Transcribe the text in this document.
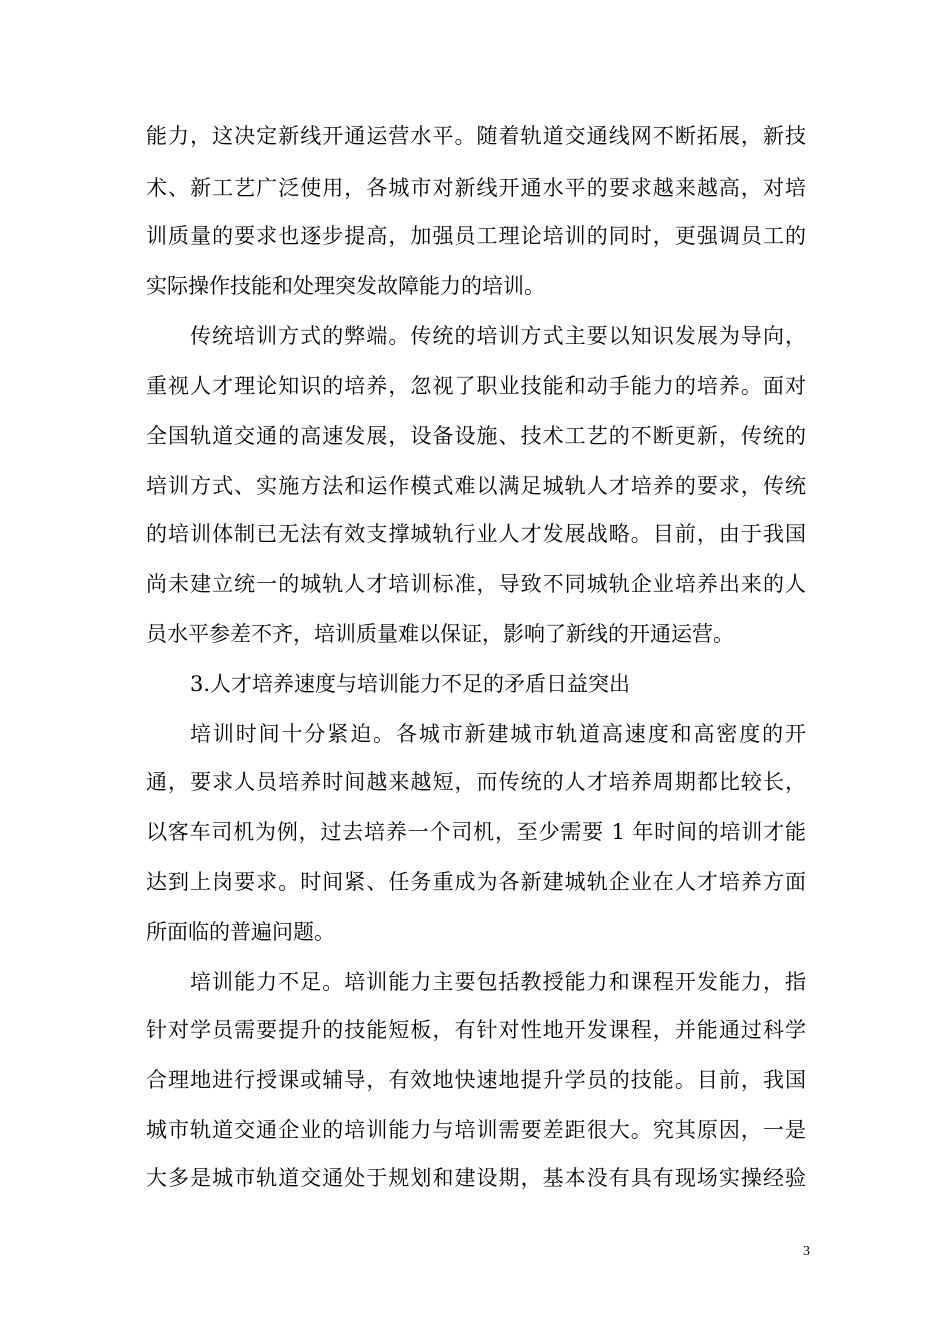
能力，这决定新线开通运营水平。随着轨道交通线网不断拓展，新技
术、新工艺广泛使用，各城市对新线开通水平的要求越来越高，对培
训质量的要求也逐步提高，加强员工理论培训的同时，更强调员工的
实际操作技能和处理突发故障能力的培训。
传统培训方式的弊端。传统的培训方式主要以知识发展为导向，
重视人才理论知识的培养，忽视了职业技能和动手能力的培养。面对
全国轨道交通的高速发展，设备设施、技术工艺的不断更新，传统的
培训方式、实施方法和运作模式难以满足城轨人才培养的要求，传统
的培训体制已无法有效支撑城轨行业人才发展战略。目前，由于我国
尚未建立统一的城轨人才培训标准，导致不同城轨企业培养出来的人
员水平参差不齐，培训质量难以保证，影响了新线的开通运营。
3.人才培养速度与培训能力不足的矛盾日益突出
培训时间十分紧迫。各城市新建城市轨道高速度和高密度的开
通，要求人员培养时间越来越短，而传统的人才培养周期都比较长，
以客车司机为例，过去培养一个司机，至少需要 1 年时间的培训才能
达到上岗要求。时间紧、任务重成为各新建城轨企业在人才培养方面
所面临的普遍问题。
培训能力不足。培训能力主要包括教授能力和课程开发能力，指
针对学员需要提升的技能短板，有针对性地开发课程，并能通过科学
合理地进行授课或辅导，有效地快速地提升学员的技能。目前，我国
城市轨道交通企业的培训能力与培训需要差距很大。究其原因，一是
大多是城市轨道交通处于规划和建设期，基本没有具有现场实操经验
3
